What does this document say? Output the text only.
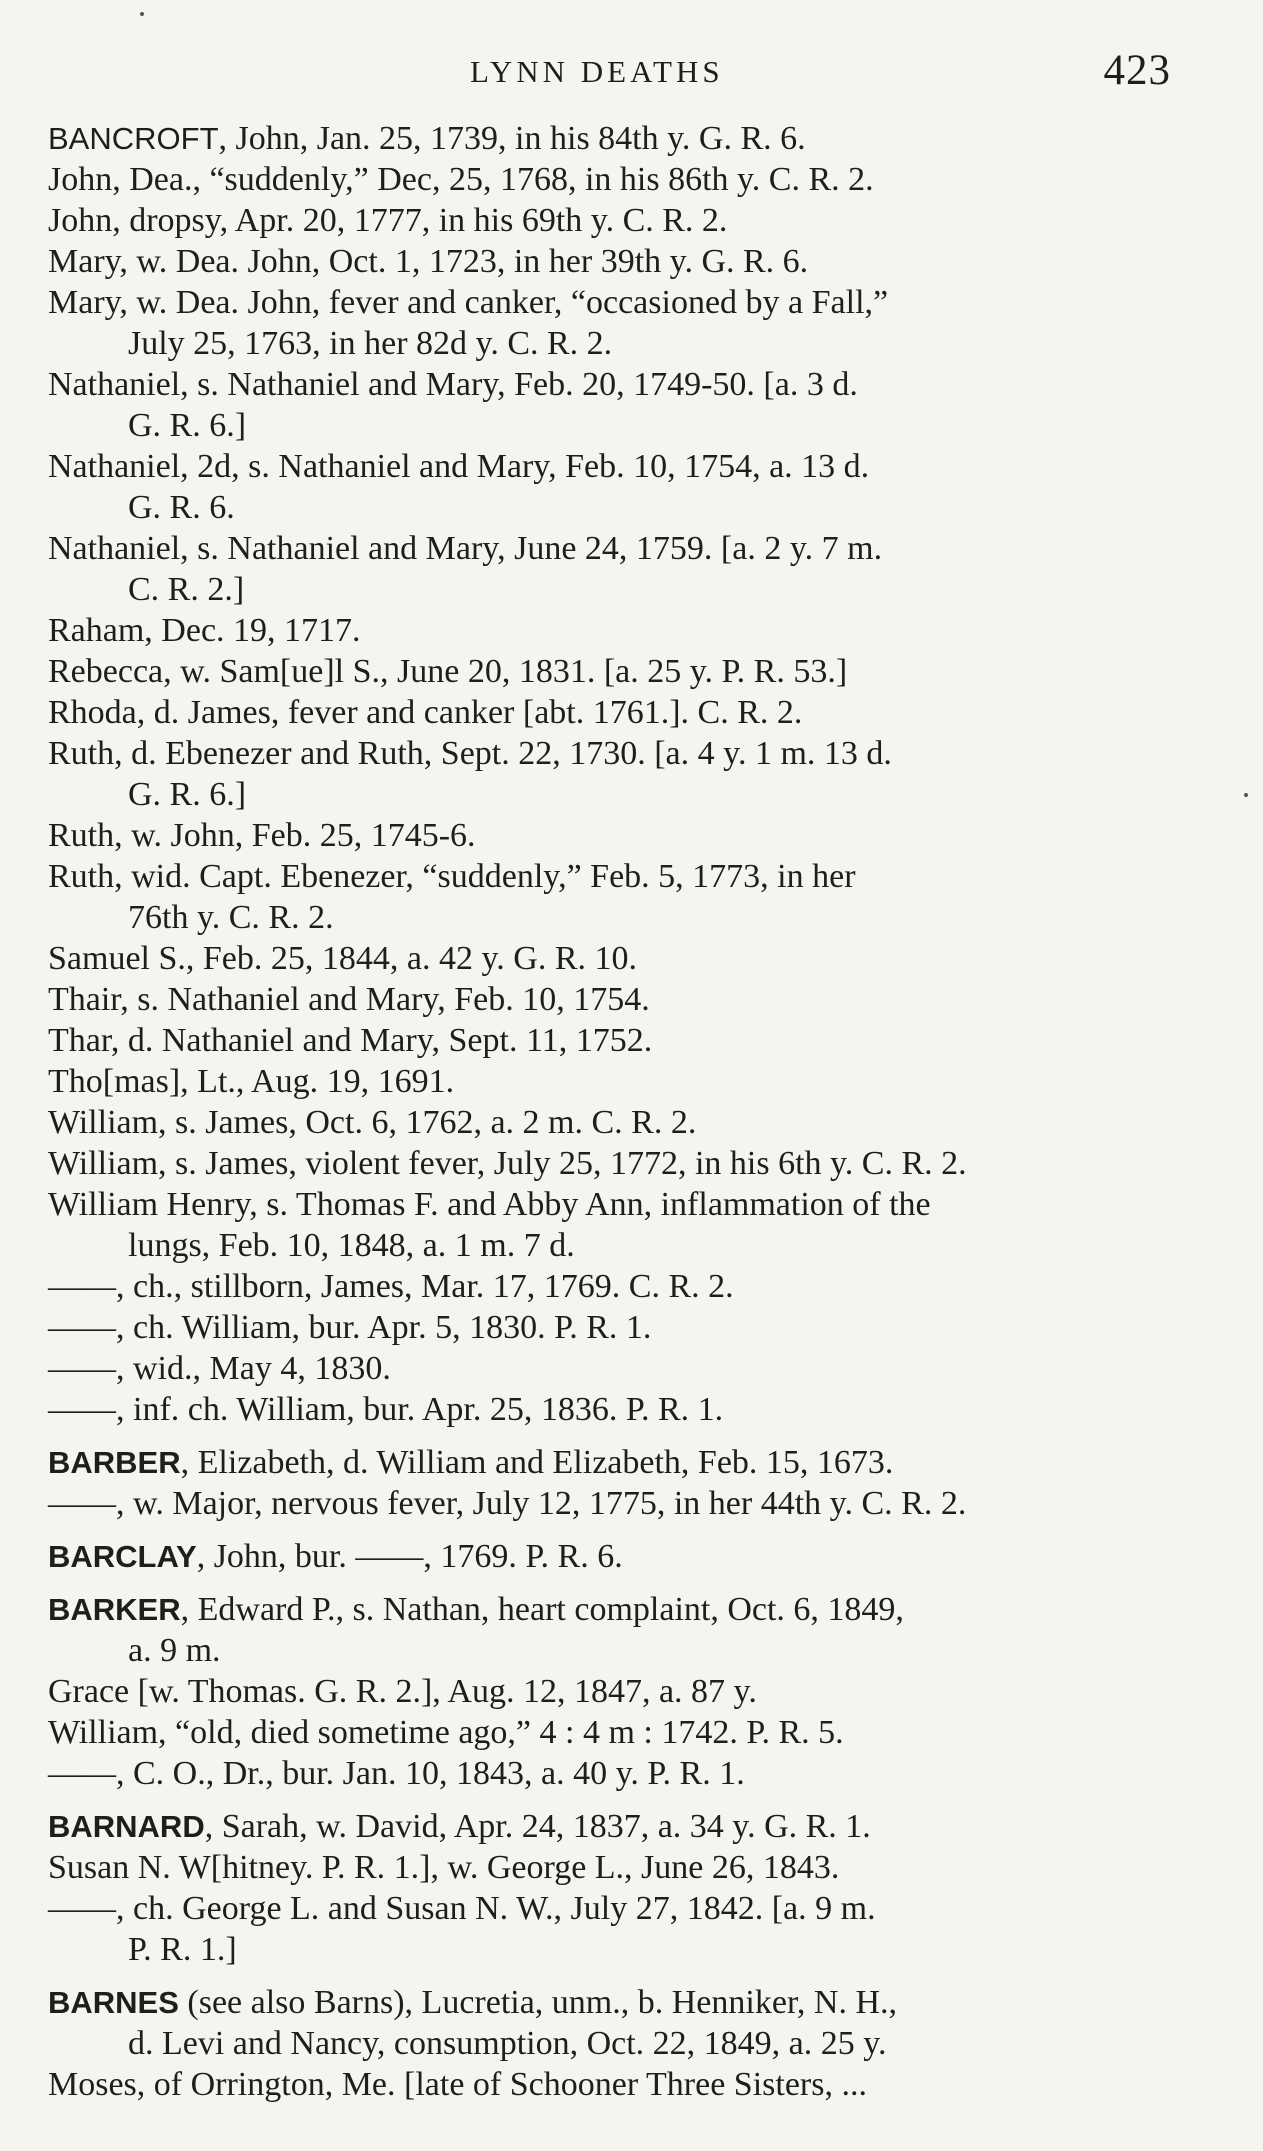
LYNN DEATHS	423
BANCROFT, John, Jan. 25, 1739, in his 84th y. G. R. 6.
John, Dea., “suddenly,” Dec, 25, 1768, in his 86th y. C. R. 2.
John, dropsy, Apr. 20, 1777, in his 69th y. C. R. 2.
Mary, w. Dea. John, Oct. 1, 1723, in her 39th y. G. R. 6.
Mary, w. Dea. John, fever and canker, “occasioned by a Fall,”
July 25, 1763, in her 82d y. C. R. 2.
Nathaniel, s. Nathaniel and Mary, Feb. 20, 1749-50. [a. 3 d.
G. R. 6.]
Nathaniel, 2d, s. Nathaniel and Mary, Feb. 10, 1754, a. 13 d.
G. R. 6.
Nathaniel, s. Nathaniel and Mary, June 24, 1759. [a. 2 y. 7 m.
C. R. 2.]
Raham, Dec. 19, 1717.
Rebecca, w. Sam[ue]l S., June 20, 1831. [a. 25 y. P. R. 53.]
Rhoda, d. James, fever and canker [abt. 1761.]. C. R. 2.
Ruth, d. Ebenezer and Ruth, Sept. 22, 1730. [a. 4 y. 1 m. 13 d.
G. R. 6.]
Ruth, w. John, Feb. 25, 1745-6.
Ruth, wid. Capt. Ebenezer, “suddenly,” Feb. 5, 1773, in her
76th y. C. R. 2.
Samuel S., Feb. 25, 1844, a. 42 y. G. R. 10.
Thair, s. Nathaniel and Mary, Feb. 10, 1754.
Thar, d. Nathaniel and Mary, Sept. 11, 1752.
Tho[mas], Lt., Aug. 19, 1691.
William, s. James, Oct. 6, 1762, a. 2 m. C. R. 2.
William, s. James, violent fever, July 25, 1772, in his 6th y. C. R. 2.
William Henry, s. Thomas F. and Abby Ann, inflammation of the
lungs, Feb. 10, 1848, a. 1 m. 7 d.
——, ch., stillborn, James, Mar. 17, 1769. C. R. 2.
——, ch. William, bur. Apr. 5, 1830. P. R. 1.
——, wid., May 4, 1830.
——, inf. ch. William, bur. Apr. 25, 1836. P. R. 1.
BARBER, Elizabeth, d. William and Elizabeth, Feb. 15, 1673.
——, w. Major, nervous fever, July 12, 1775, in her 44th y. C. R. 2.
BARCLAY, John, bur. ——, 1769. P. R. 6.
BARKER, Edward P., s. Nathan, heart complaint, Oct. 6, 1849,
a. 9 m.
Grace [w. Thomas. G. R. 2.], Aug. 12, 1847, a. 87 y.
William, “old, died sometime ago,” 4 : 4 m : 1742. P. R. 5.
——, C. O., Dr., bur. Jan. 10, 1843, a. 40 y. P. R. 1.
BARNARD, Sarah, w. David, Apr. 24, 1837, a. 34 y. G. R. 1.
Susan N. W[hitney. P. R. 1.], w. George L., June 26, 1843.
——, ch. George L. and Susan N. W., July 27, 1842. [a. 9 m.
P. R. 1.]
BARNES (see also Barns), Lucretia, unm., b. Henniker, N. H.,
d. Levi and Nancy, consumption, Oct. 22, 1849, a. 25 y.
Moses, of Orrington, Me. [late of Schooner Three Sisters, ...
